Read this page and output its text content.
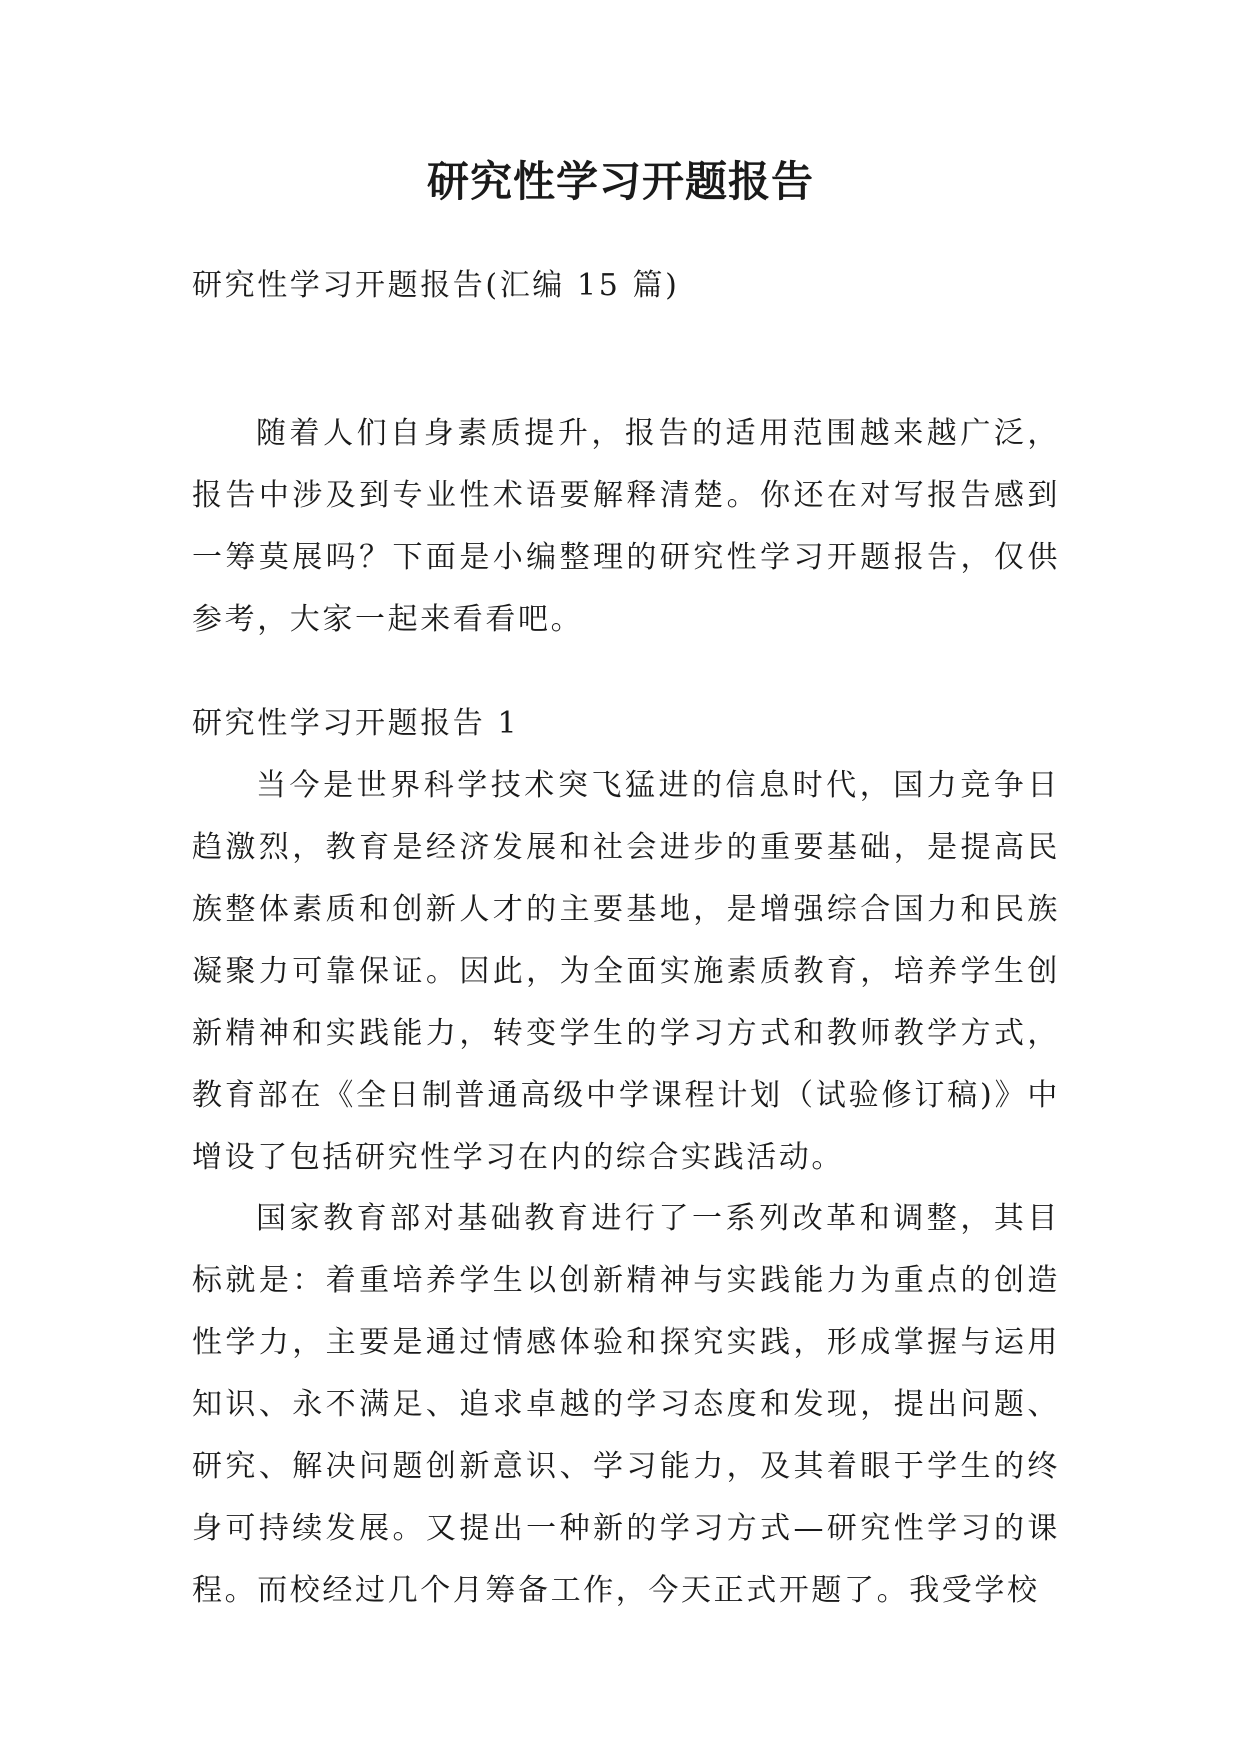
研究性学习开题报告

研究性学习开题报告(汇编 15 篇)

随着人们自身素质提升，报告的适用范围越来越广泛，报告中涉及到专业性术语要解释清楚。你还在对写报告感到一筹莫展吗？下面是小编整理的研究性学习开题报告，仅供参考，大家一起来看看吧。

研究性学习开题报告 1

当今是世界科学技术突飞猛进的信息时代，国力竞争日趋激烈，教育是经济发展和社会进步的重要基础，是提高民族整体素质和创新人才的主要基地，是增强综合国力和民族凝聚力可靠保证。因此，为全面实施素质教育，培养学生创新精神和实践能力，转变学生的学习方式和教师教学方式，教育部在《全日制普通高级中学课程计划（试验修订稿)》中增设了包括研究性学习在内的综合实践活动。

国家教育部对基础教育进行了一系列改革和调整，其目标就是：着重培养学生以创新精神与实践能力为重点的创造性学力，主要是通过情感体验和探究实践，形成掌握与运用知识、永不满足、追求卓越的学习态度和发现，提出问题、研究、解决问题创新意识、学习能力，及其着眼于学生的终身可持续发展。又提出一种新的学习方式—研究性学习的课程。而校经过几个月筹备工作，今天正式开题了。我受学校
